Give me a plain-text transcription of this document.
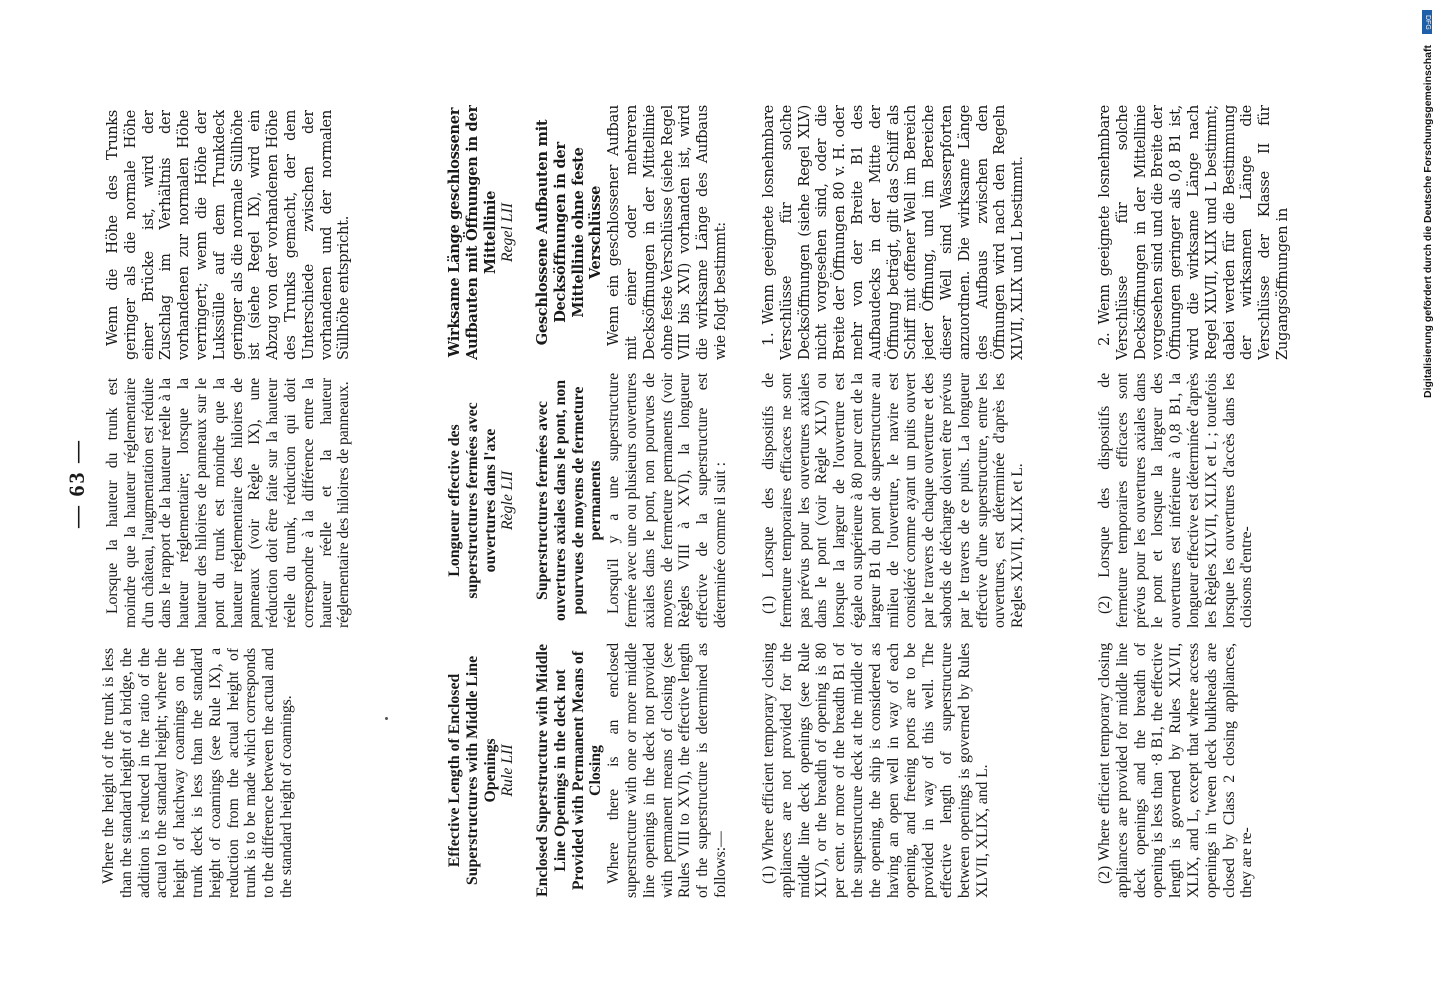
— 63 —

Where the height of the trunk is less than the standard height of a bridge, the addition is reduced in the ratio of the actual to the standard height; where the height of hatchway coamings on the trunk deck is less than the standard height of coamings (see Rule IX), a reduction from the actual height of trunk is to be made which corresponds to the difference between the actual and the standard height of coamings.	Effective Length of Enclosed Superstructures with Middle Line Openings Rule LII Enclosed Superstructure with Middle Line Openings in the deck not Provided with Permanent Means of Closing Where there is an enclosed superstructure with one or more middle line openings in the deck not provided with permanent means of closing (see Rules VIII to XVI), the effective length of the superstructure is determined as follows:— (1) Where efficient temporary closing appliances are not provided for the middle line deck openings (see Rule XLV), or the breadth of opening is 80 per cent. or more of the breadth B1 of the superstructure deck at the middle of the opening, the ship is considered as having an open well in way of each opening, and freeing ports are to be provided in way of this well. The effective length of superstructure between openings is governed by Rules XLVII, XLIX, and L.	(2) Where efficient temporary closing appliances are provided for middle line deck openings and the breadth of opening is less than ·8 B1, the effective length is governed by Rules XLVII, XLIX, and L, except that where access openings in 'tween deck bulkheads are closed by Class 2 closing appliances, they are re-

Lorsque la hauteur du trunk est moindre que la hauteur réglementaire d'un château, l'augmentation est réduite dans le rapport de la hauteur réelle à la hauteur réglementaire; lorsque la hauteur des hiloires de panneaux sur le pont du trunk est moindre que la hauteur réglementaire des hiloires de panneaux (voir Règle IX), une réduction doit être faite sur la hauteur réelle du trunk, réduction qui doit correspondre à la différence entre la hauteur réelle et la hauteur réglementaire des hiloires de panneaux.	Longueur effective des superstructures fermées avec ouvertures dans l'axe Règle LII Superstructures fermées avec ouvertures axiales dans le pont, non pourvues de moyens de fermeture permanents Lorsqu'il y a une superstructure fermée avec une ou plusieurs ouvertures axiales dans le pont, non pourvues de moyens de fermeture permanents (voir Règles VIII à XVI), la longueur effective de la superstructure est déterminée comme il suit : (1) Lorsque des dispositifs de fermeture temporaires efficaces ne sont pas prévus pour les ouvertures axiales dans le pont (voir Règle XLV) ou lorsque la largeur de l'ouverture est égale ou supérieure à 80 pour cent de la largeur B1 du pont de superstructure au milieu de l'ouverture, le navire est considéré comme ayant un puits ouvert par le travers de chaque ouverture et des sabords de décharge doivent être prévus par le travers de ce puits. La longueur effective d'une superstructure, entre les ouvertures, est déterminée d'après les Règles XLVII, XLIX et L.	(2) Lorsque des dispositifs de fermeture temporaires efficaces sont prévus pour les ouvertures axiales dans le pont et lorsque la largeur des ouvertures est inférieure à 0,8 B1, la longueur effective est déterminée d'après les Règles XLVII, XLIX et L ; toutefois lorsque les ouvertures d'accès dans les cloisons d'entre-

Wenn die Höhe des Trunks geringer als die normale Höhe einer Brücke ist, wird der Zuschlag im Verhältnis der vorhandenen zur normalen Höhe verringert; wenn die Höhe der Lukssülle auf dem Trunkdeck geringer als die normale Süllhöhe ist (siehe Regel IX), wird ein Abzug von der vorhandenen Höhe des Trunks gemacht, der dem Unterschiede zwischen der vorhandenen und der normalen Süllhöhe entspricht.	Wirksame Länge geschlossener Aufbauten mit Öffnungen in der Mittellinie Regel LII Geschlossene Aufbauten mit Decksöffnungen in der Mittellinie ohne feste Verschlüsse Wenn ein geschlossener Aufbau mit einer oder mehreren Decksöffnungen in der Mittellinie ohne feste Verschlüsse (siehe Regel VIII bis XVI) vorhanden ist, wird die wirksame Länge des Aufbaus wie folgt bestimmt: 1. Wenn geeignete losnehmbare Verschlüsse für solche Decksöffnungen (siehe Regel XLV) nicht vorgesehen sind, oder die Breite der Öffnungen 80 v. H. oder mehr von der Breite B1 des Aufbaudecks in der Mitte der Öffnung beträgt, gilt das Schiff als Schiff mit offener Well im Bereich jeder Öffnung, und im Bereiche dieser Well sind Wasserpforten anzuordnen. Die wirksame Länge des Aufbaus zwischen den Öffnungen wird nach den Regeln XLVII, XLIX und L bestimmt.	2. Wenn geeignete losnehmbare Verschlüsse für solche Decksöffnungen in der Mittellinie vorgesehen sind und die Breite der Öffnungen geringer als 0,8 B1 ist, wird die wirksame Länge nach Regel XLVII, XLIX und L bestimmt; dabei werden für die Bestimmung der wirksamen Länge die Verschlüsse der Klasse II für Zugangsöffnungen in

DFG
Digitalisierung gefördert durch die Deutsche Forschungsgemeinschaft
